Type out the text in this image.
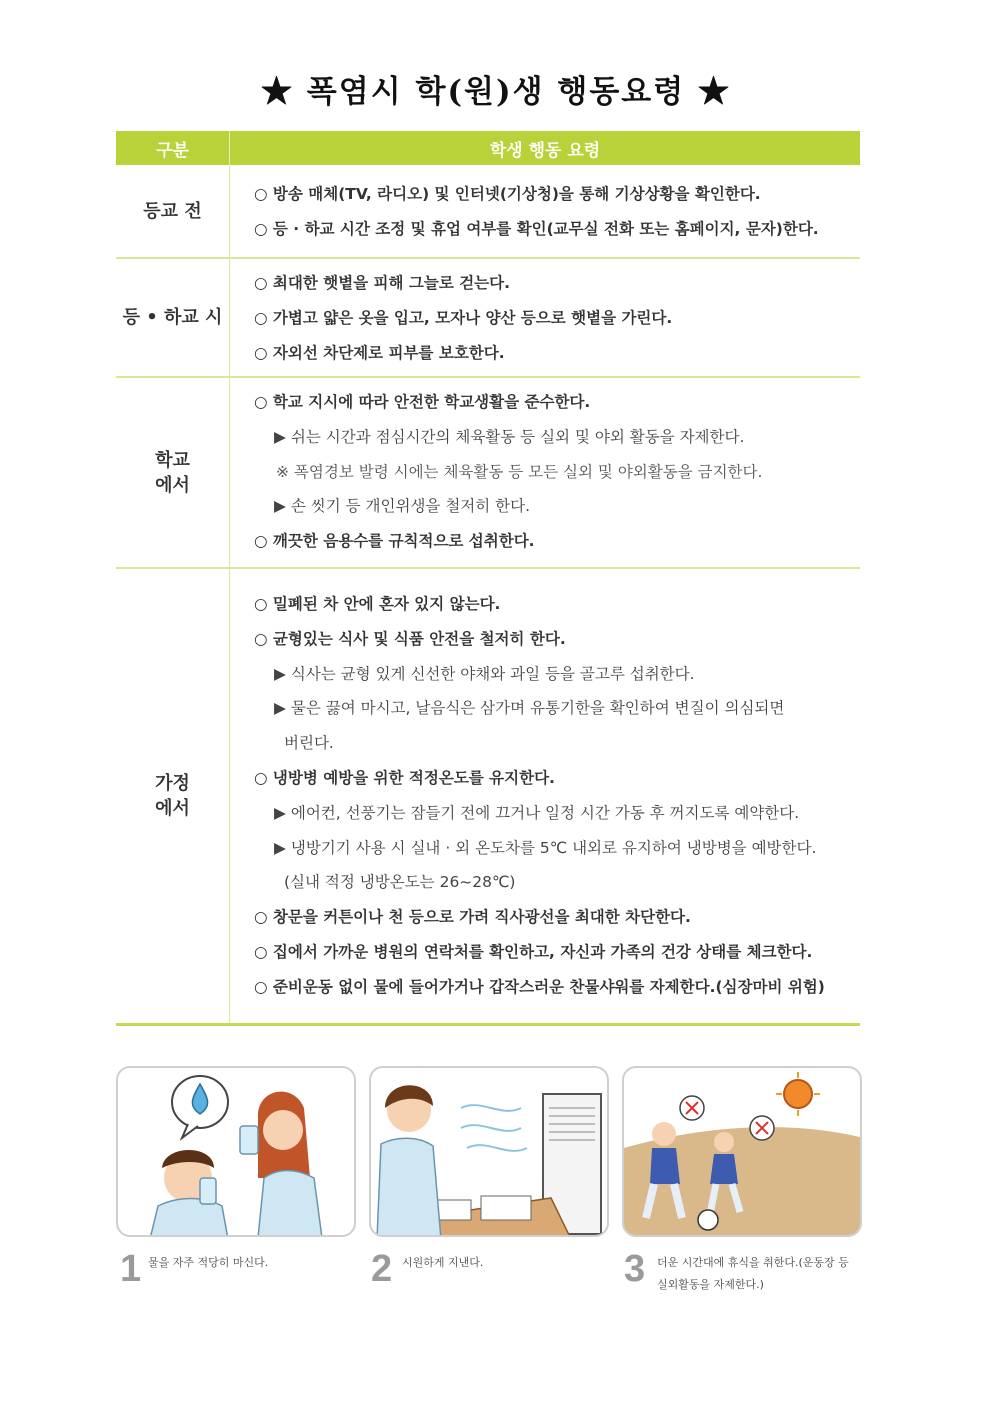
★ 폭염시 학(원)생 행동요령 ★
구분	학생 행동 요령
등교 전
○ 방송 매체(TV, 라디오) 및 인터넷(기상청)을 통해 기상상황을 확인한다.
○ 등 · 하교 시간 조정 및 휴업 여부를 확인(교무실 전화 또는 홈페이지, 문자)한다.
등 • 하교 시
○ 최대한 햇볕을 피해 그늘로 걷는다.
○ 가볍고 얇은 옷을 입고, 모자나 양산 등으로 햇볕을 가린다.
○ 자외선 차단제로 피부를 보호한다.
학교
에서
○ 학교 지시에 따라 안전한 학교생활을 준수한다.
▶ 쉬는 시간과 점심시간의 체육활동 등 실외 및 야외 활동을 자제한다.
※ 폭염경보 발령 시에는 체육활동 등 모든 실외 및 야외활동을 금지한다.
▶ 손 씻기 등 개인위생을 철저히 한다.
○ 깨끗한 음용수를 규칙적으로 섭취한다.
가정
에서
○ 밀폐된 차 안에 혼자 있지 않는다.
○ 균형있는 식사 및 식품 안전을 철저히 한다.
▶ 식사는 균형 있게 신선한 야채와 과일 등을 골고루 섭취한다.
▶ 물은 끓여 마시고, 날음식은 삼가며 유통기한을 확인하여 변질이 의심되면
버린다.
○ 냉방병 예방을 위한 적정온도를 유지한다.
▶ 에어컨, 선풍기는 잠들기 전에 끄거나 일정 시간 가동 후 꺼지도록 예약한다.
▶ 냉방기기 사용 시 실내 · 외 온도차를 5℃ 내외로 유지하여 냉방병을 예방한다.
(실내 적정 냉방온도는 26~28℃)
○ 창문을 커튼이나 천 등으로 가려 직사광선을 최대한 차단한다.
○ 집에서 가까운 병원의 연락처를 확인하고, 자신과 가족의 건강 상태를 체크한다.
○ 준비운동 없이 물에 들어가거나 갑작스러운 찬물샤워를 자제한다.(심장마비 위험)
1 물을 자주 적당히 마신다.	2 시원하게 지낸다.	3 더운 시간대에 휴식을 취한다.(운동장 등
실외활동을 자제한다.)
